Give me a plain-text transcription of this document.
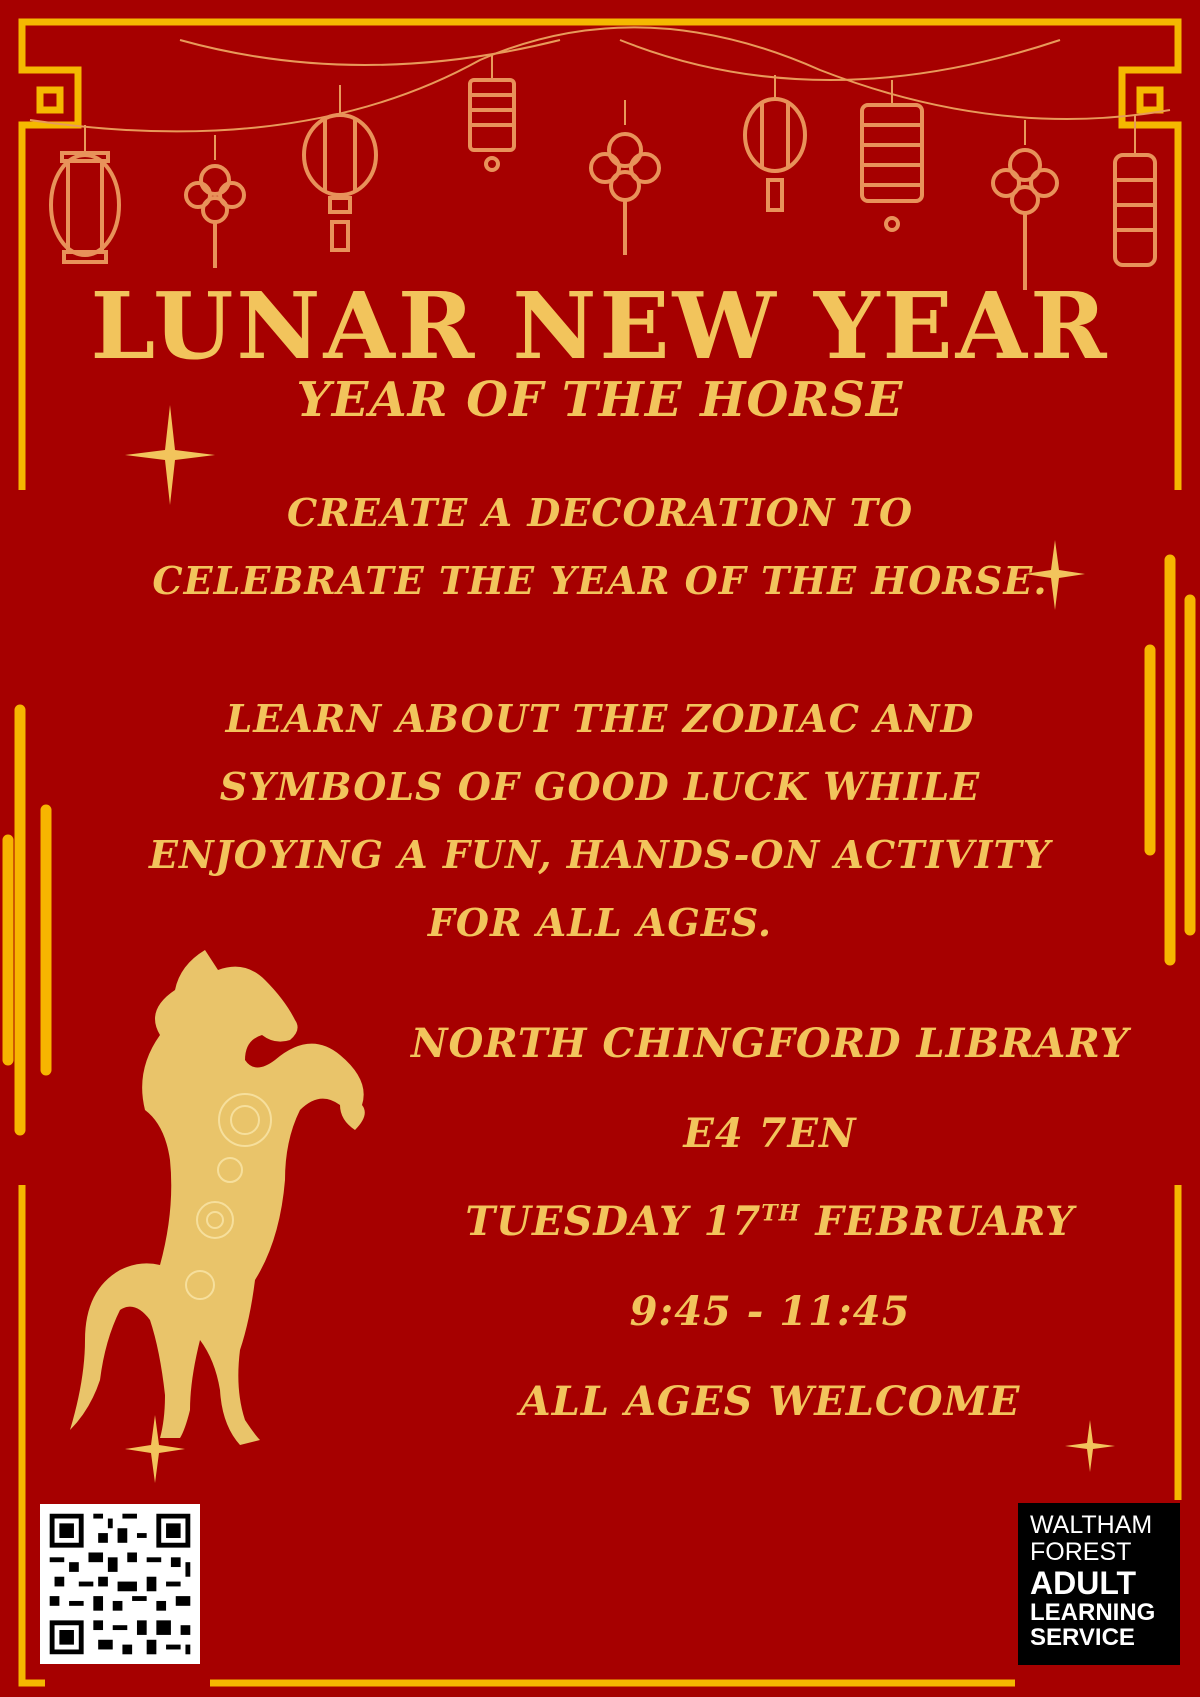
LUNAR NEW YEAR
YEAR OF THE HORSE
CREATE A DECORATION TO
CELEBRATE THE YEAR OF THE HORSE.
LEARN ABOUT THE ZODIAC AND
SYMBOLS OF GOOD LUCK WHILE
ENJOYING A FUN, HANDS-ON ACTIVITY
FOR ALL AGES.
NORTH CHINGFORD LIBRARY
E4 7EN
TUESDAY 17TH FEBRUARY
9:45 - 11:45
ALL AGES WELCOME
WALTHAM
FOREST
ADULT
LEARNING
SERVICE
